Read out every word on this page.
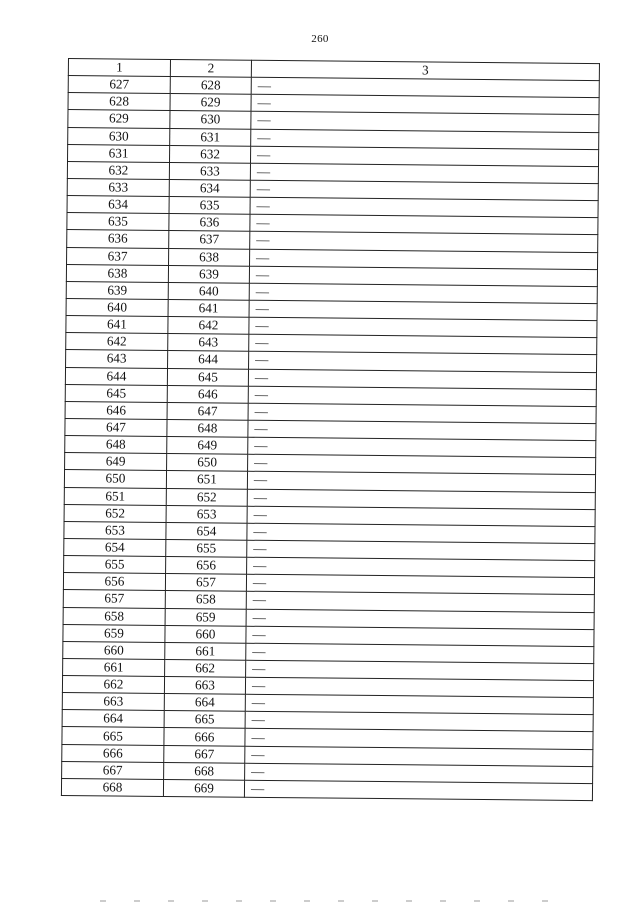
260
1	2	3
627	628	—
628	629	—
629	630	—
630	631	—
631	632	—
632	633	—
633	634	—
634	635	—
635	636	—
636	637	—
637	638	—
638	639	—
639	640	—
640	641	—
641	642	—
642	643	—
643	644	—
644	645	—
645	646	—
646	647	—
647	648	—
648	649	—
649	650	—
650	651	—
651	652	—
652	653	—
653	654	—
654	655	—
655	656	—
656	657	—
657	658	—
658	659	—
659	660	—
660	661	—
661	662	—
662	663	—
663	664	—
664	665	—
665	666	—
666	667	—
667	668	—
668	669	—
